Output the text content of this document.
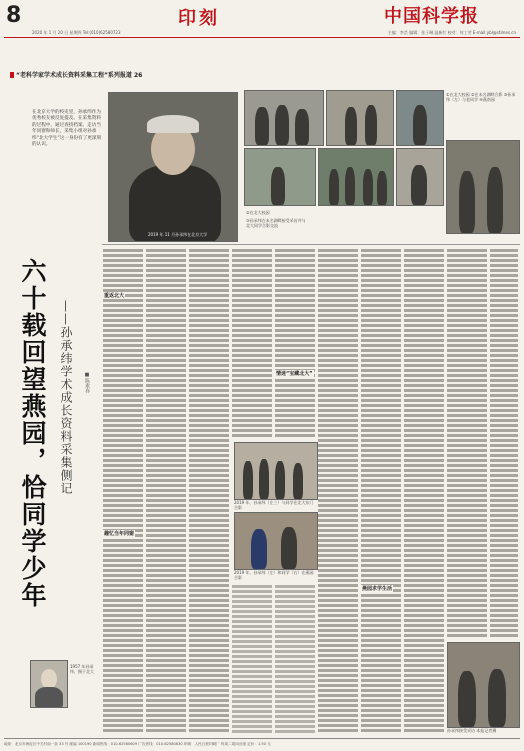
8
2020 年 1 月 20 日 星期四 Tel:(010)62580723
印刻	中国科学报
主编：李芸 编辑：张子琳 温新红 校对：何工劳 E-mail:ybl@stimes.cn
“老科学家学术成长资料采集工程”系列报道 26
在北京大学的校史里，孙承纬作为优秀校友被反复提及。在采集资料的过程中，通过查找档案、走访当年同窗和师长，采集小组对孙承纬“北大学生”这一身份有了更深刻的认识。
2019 年 11 月孙承纬在北京大学
①在北大校园 ②在未名湖畔合影 ③孙承纬（左）与老同学 ④燕南园
②在北大校园
③孙承纬在未名湖畔接受采访并与北大同学合影交流
六十载回望燕园，恰同学少年 ——孙承纬学术成长资料采集侧记	■陈素春
1957 年孙承纬，摄于北大
重返北大
趣忆当年同窗
情迷“宝藏北大”
燕园求学生活
2019 年，孙承纬（左三）与同学在北大东门合影
2019 年，孙承纬（左）和同学（右）在燕园合影
孙承纬接受采访 本报记者摄
地址：北京市海淀区中关村南一条 33 号 邮编 100190 新闻热线：010-62580609 广告热线：010-62580630 印刷：人民日报印刷厂 每周二周四出版 定价：1.50 元
